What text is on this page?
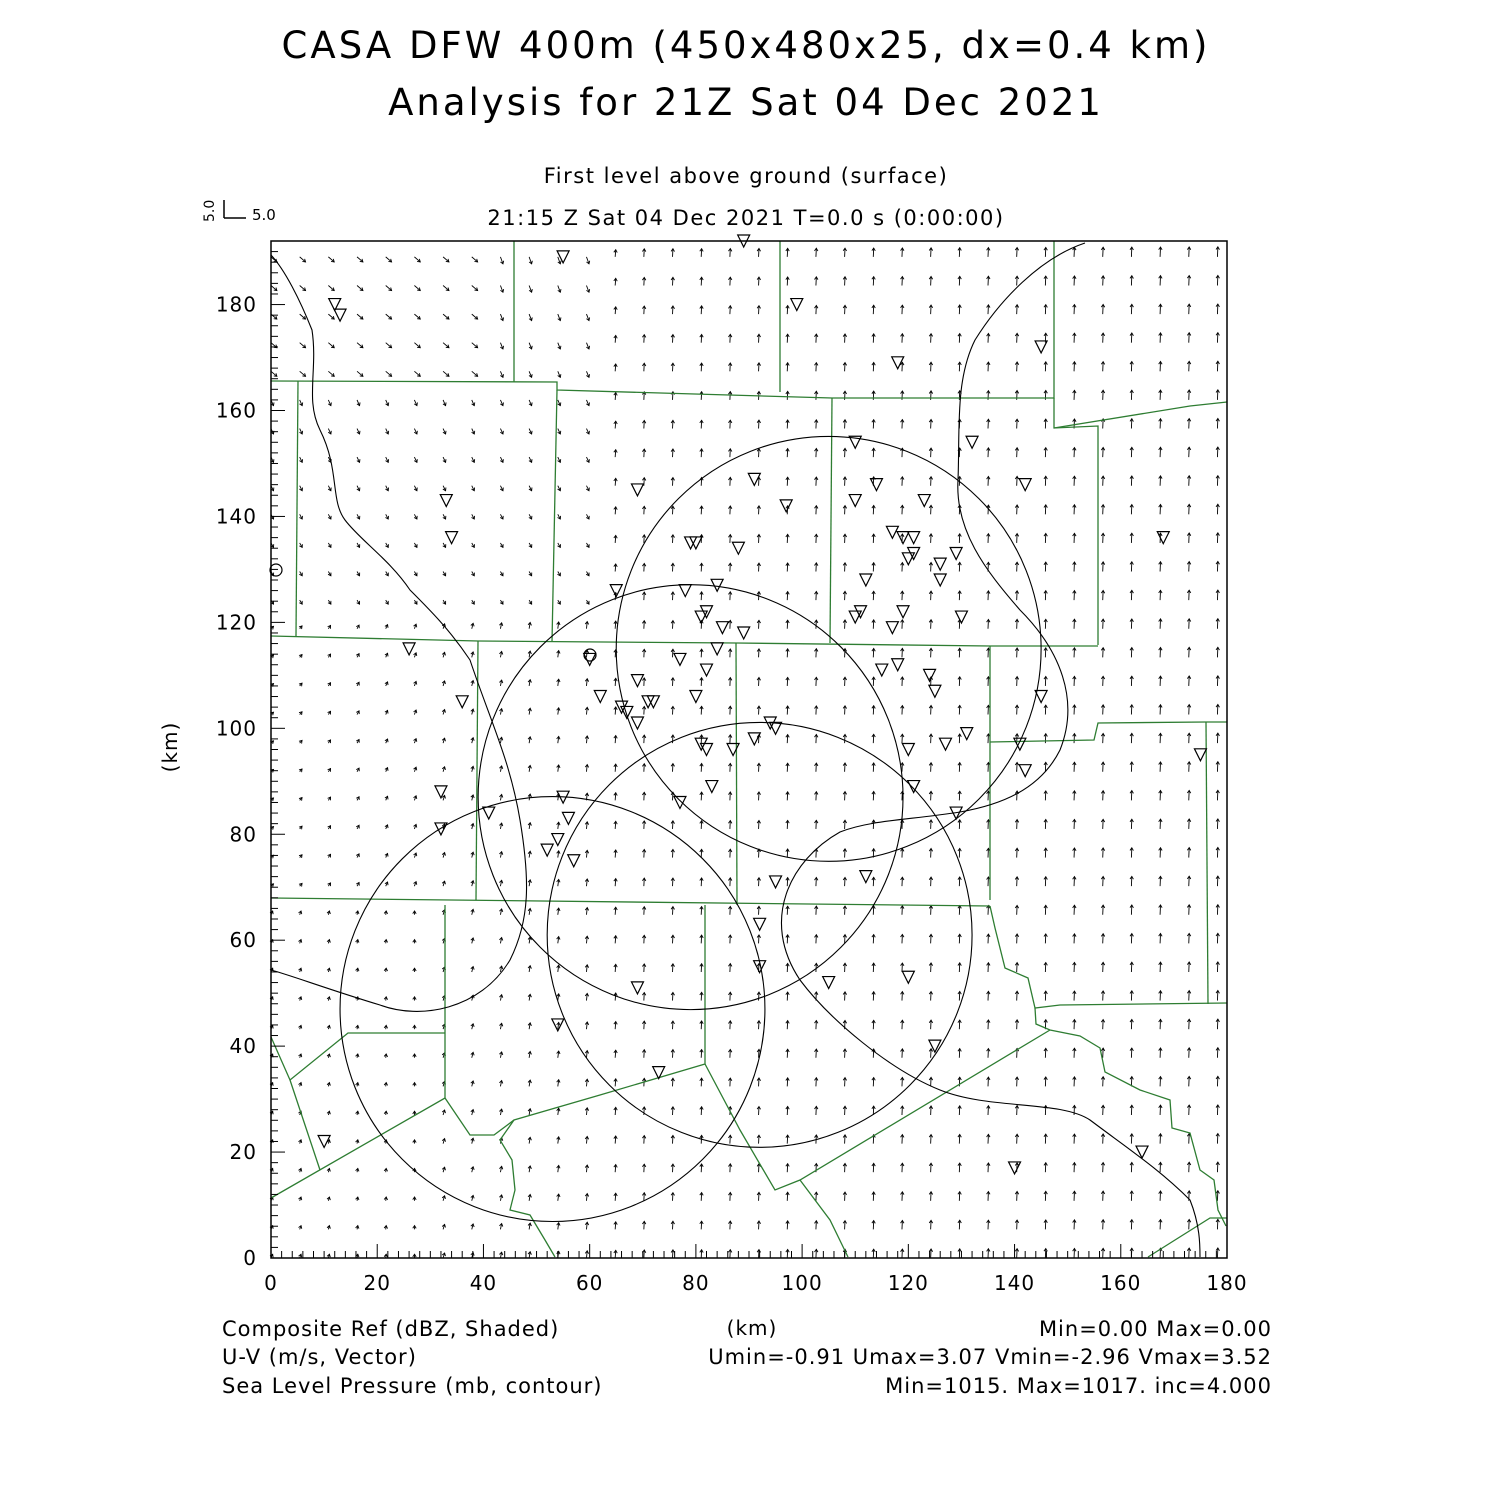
CASA DFW 400m (450x480x25, dx=0.4 km)
Analysis for 21Z Sat 04 Dec 2021
First level above ground (surface)
21:15 Z Sat 04 Dec 2021 T=0.0 s (0:00:00)
5.0 5.0
0	20	40	60	80	100	120	140	160	180
0
20
40
60
80
100
120
140
160
180
(km)
(km)
Composite Ref (dBZ, Shaded)
U-V (m/s, Vector)
Sea Level Pressure (mb, contour)
Min=0.00 Max=0.00
Umin=-0.91 Umax=3.07 Vmin=-2.96 Vmax=3.52
Min=1015. Max=1017. inc=4.000
